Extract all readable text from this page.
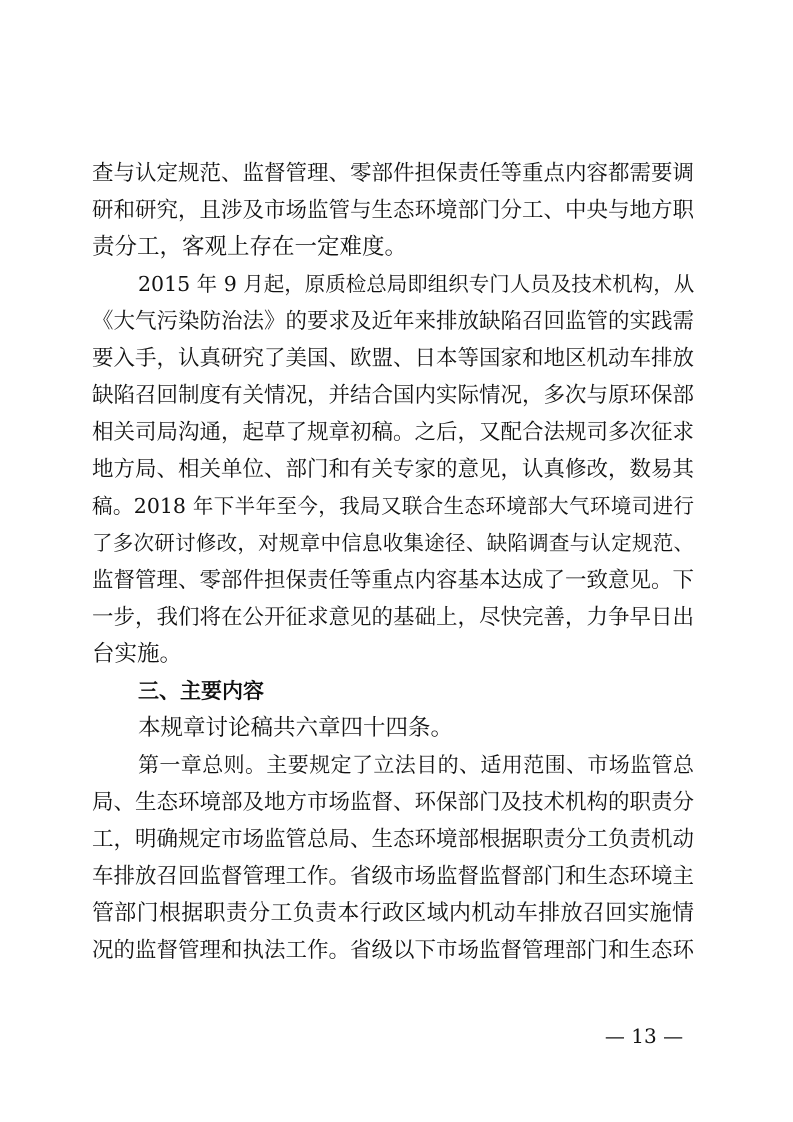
查与认定规范、监督管理、零部件担保责任等重点内容都需要调
研和研究，且涉及市场监管与生态环境部门分工、中央与地方职
责分工，客观上存在一定难度。
2015 年 9 月起，原质检总局即组织专门人员及技术机构，从
《大气污染防治法》的要求及近年来排放缺陷召回监管的实践需
要入手，认真研究了美国、欧盟、日本等国家和地区机动车排放
缺陷召回制度有关情况，并结合国内实际情况，多次与原环保部
相关司局沟通，起草了规章初稿。之后，又配合法规司多次征求
地方局、相关单位、部门和有关专家的意见，认真修改，数易其
稿。2018 年下半年至今，我局又联合生态环境部大气环境司进行
了多次研讨修改，对规章中信息收集途径、缺陷调查与认定规范、
监督管理、零部件担保责任等重点内容基本达成了一致意见。下
一步，我们将在公开征求意见的基础上，尽快完善，力争早日出
台实施。
三、主要内容
本规章讨论稿共六章四十四条。
第一章总则。主要规定了立法目的、适用范围、市场监管总
局、生态环境部及地方市场监督、环保部门及技术机构的职责分
工，明确规定市场监管总局、生态环境部根据职责分工负责机动
车排放召回监督管理工作。省级市场监督监督部门和生态环境主
管部门根据职责分工负责本行政区域内机动车排放召回实施情
况的监督管理和执法工作。省级以下市场监督管理部门和生态环
— 13 —
